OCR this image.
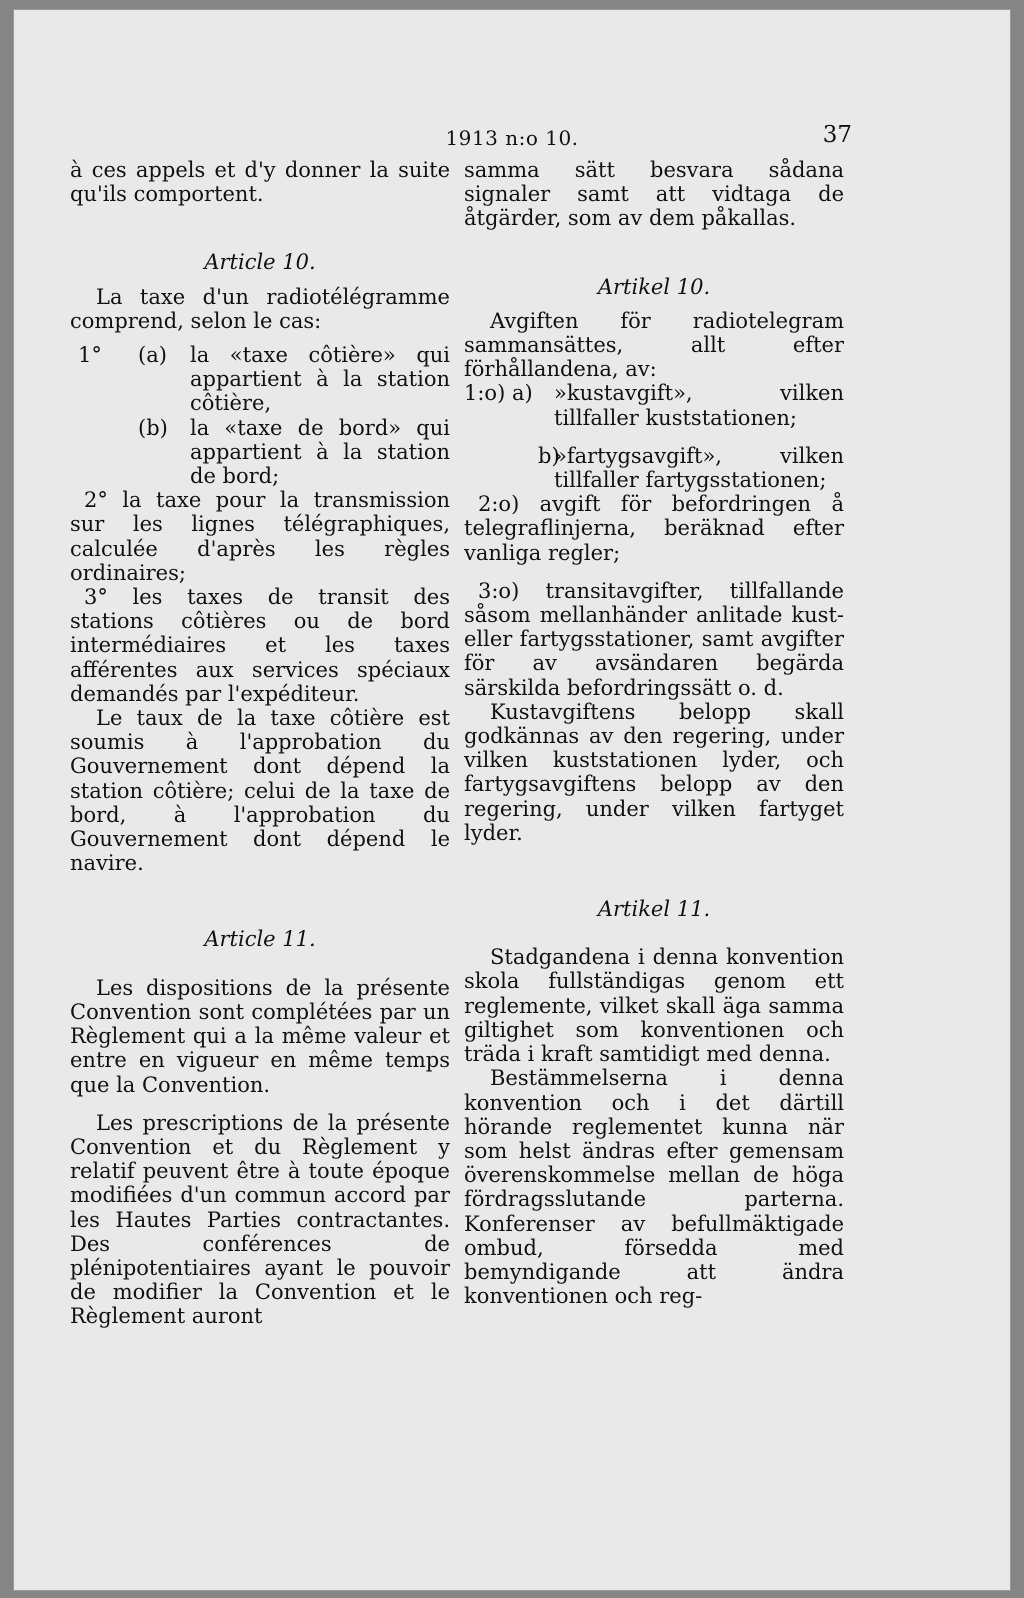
1913 n:o 10.	37

à ces appels et d'y donner la suite qu'ils comportent.

Article 10.

La taxe d'un radiotélégramme comprend, selon le cas:

1° (a) la «taxe côtière» qui appartient à la station côtière,
(b) la «taxe de bord» qui appartient à la station de bord;

2° la taxe pour la transmission sur les lignes télégraphiques, calculée d'après les règles ordinaires;

3° les taxes de transit des stations côtières ou de bord intermédiaires et les taxes afférentes aux services spéciaux demandés par l'expéditeur.

Le taux de la taxe côtière est soumis à l'approbation du Gouvernement dont dépend la station côtière; celui de la taxe de bord, à l'approbation du Gouvernement dont dépend le navire.

Article 11.

Les dispositions de la présente Convention sont complétées par un Règlement qui a la même valeur et entre en vigueur en même temps que la Convention.

Les prescriptions de la présente Convention et du Règlement y relatif peuvent être à toute époque modifiées d'un commun accord par les Hautes Parties contractantes. Des conférences de plénipotentiaires ayant le pouvoir de modifier la Convention et le Règlement auront

samma sätt besvara sådana signaler samt att vidtaga de åtgärder, som av dem påkallas.

Artikel 10.

Avgiften för radiotelegram sammansättes, allt efter förhållandena, av:

1:o) a) »kustavgift», vilken tillfaller kuststationen;
b)
»fartygsavgift», vilken tillfaller fartygsstationen;

2:o) avgift för befordringen å telegraflinjerna, beräknad efter vanliga regler;

3:o) transitavgifter, tillfallande såsom mellanhänder anlitade kust- eller fartygsstationer, samt avgifter för av avsändaren begärda särskilda befordringssätt o. d.

Kustavgiftens belopp skall godkännas av den regering, under vilken kuststationen lyder, och fartygsavgiftens belopp av den regering, under vilken fartyget lyder.

Artikel 11.

Stadgandena i denna konvention skola fullständigas genom ett reglemente, vilket skall äga samma giltighet som konventionen och träda i kraft samtidigt med denna.

Bestämmelserna i denna konvention och i det därtill hörande reglementet kunna när som helst ändras efter gemensam överenskommelse mellan de höga fördragsslutande parterna. Konferenser av befullmäktigade ombud, försedda med bemyndigande att ändra konventionen och reg-
